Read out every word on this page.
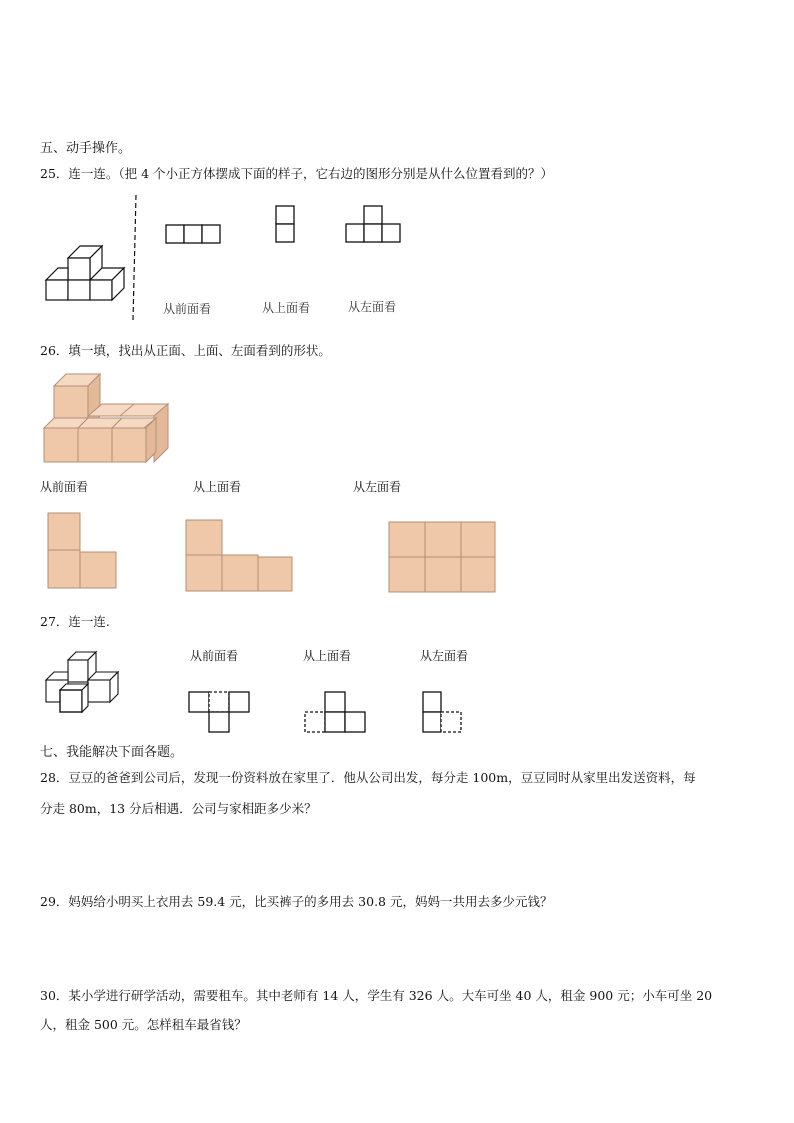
五、动手操作。
25．连一连。（把 4 个小正方体摆成下面的样子，它右边的图形分别是从什么位置看到的？）
从前面看	从上面看	从左面看
26．填一填，找出从正面、上面、左面看到的形状。
从前面看	从上面看	从左面看
27．连一连.
从前面看	从上面看	从左面看
七、我能解决下面各题。
28．豆豆的爸爸到公司后，发现一份资料放在家里了．他从公司出发，每分走 100m，豆豆同时从家里出发送资料，每
分走 80m，13 分后相遇．公司与家相距多少米？
29．妈妈给小明买上衣用去 59.4 元，比买裤子的多用去 30.8 元，妈妈一共用去多少元钱？
30．某小学进行研学活动，需要租车。其中老师有 14 人，学生有 326 人。大车可坐 40 人，租金 900 元；小车可坐 20
人，租金 500 元。怎样租车最省钱？
